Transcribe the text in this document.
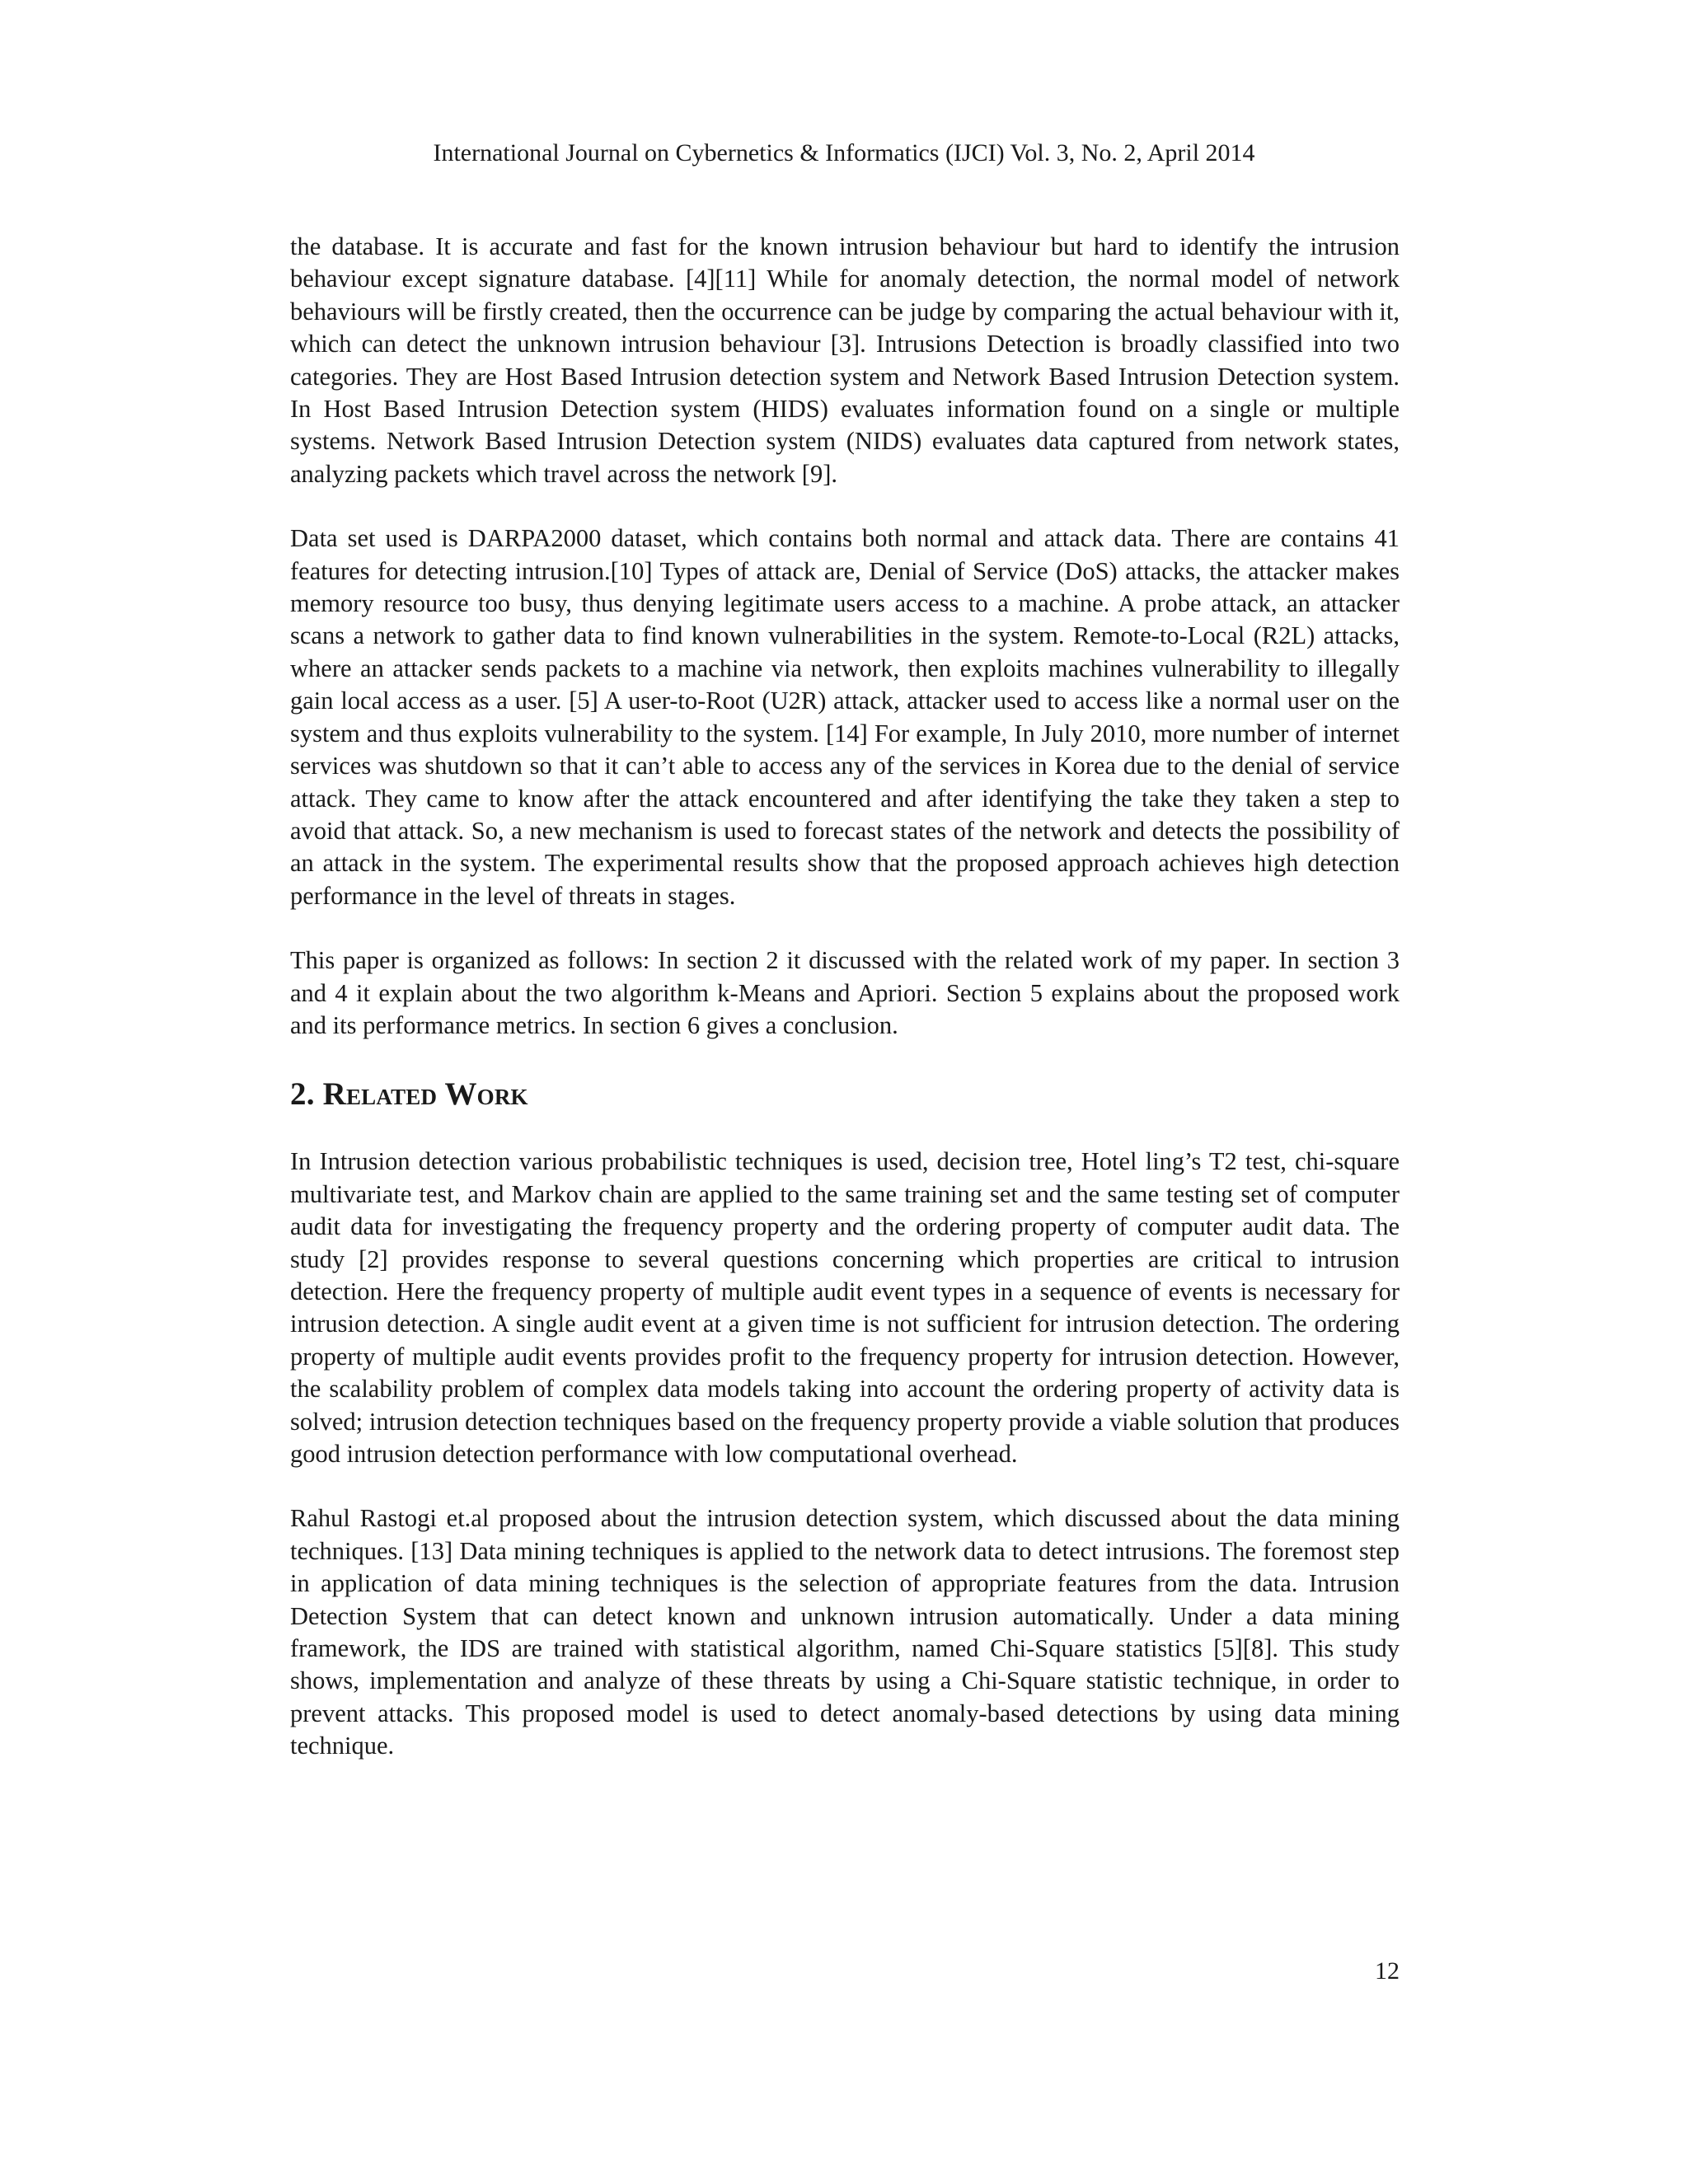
International Journal on Cybernetics & Informatics (IJCI) Vol. 3, No. 2, April 2014

the database. It is accurate and fast for the known intrusion behaviour but hard to identify the intrusion behaviour except signature database. [4][11] While for anomaly detection, the normal model of network behaviours will be firstly created, then the occurrence can be judge by comparing the actual behaviour with it, which can detect the unknown intrusion behaviour [3]. Intrusions Detection is broadly classified into two categories. They are Host Based Intrusion detection system and Network Based Intrusion Detection system. In Host Based Intrusion Detection system (HIDS) evaluates information found on a single or multiple systems. Network Based Intrusion Detection system (NIDS) evaluates data captured from network states, analyzing packets which travel across the network [9].

Data set used is DARPA2000 dataset, which contains both normal and attack data. There are contains 41 features for detecting intrusion.[10] Types of attack are, Denial of Service (DoS) attacks, the attacker makes memory resource too busy, thus denying legitimate users access to a machine. A probe attack, an attacker scans a network to gather data to find known vulnerabilities in the system. Remote-to-Local (R2L) attacks, where an attacker sends packets to a machine via network, then exploits machines vulnerability to illegally gain local access as a user. [5] A user-to-Root (U2R) attack, attacker used to access like a normal user on the system and thus exploits vulnerability to the system. [14] For example, In July 2010, more number of internet services was shutdown so that it can’t able to access any of the services in Korea due to the denial of service attack. They came to know after the attack encountered and after identifying the take they taken a step to avoid that attack. So, a new mechanism is used to forecast states of the network and detects the possibility of an attack in the system. The experimental results show that the proposed approach achieves high detection performance in the level of threats in stages.

This paper is organized as follows: In section 2 it discussed with the related work of my paper. In section 3 and 4 it explain about the two algorithm k-Means and Apriori. Section 5 explains about the proposed work and its performance metrics. In section 6 gives a conclusion.

2. Related Work

In Intrusion detection various probabilistic techniques is used, decision tree, Hotel ling’s T2 test, chi-square multivariate test, and Markov chain are applied to the same training set and the same testing set of computer audit data for investigating the frequency property and the ordering property of computer audit data. The study [2] provides response to several questions concerning which properties are critical to intrusion detection. Here the frequency property of multiple audit event types in a sequence of events is necessary for intrusion detection. A single audit event at a given time is not sufficient for intrusion detection. The ordering property of multiple audit events provides profit to the frequency property for intrusion detection. However, the scalability problem of complex data models taking into account the ordering property of activity data is solved; intrusion detection techniques based on the frequency property provide a viable solution that produces good intrusion detection performance with low computational overhead.

Rahul Rastogi et.al proposed about the intrusion detection system, which discussed about the data mining techniques. [13] Data mining techniques is applied to the network data to detect intrusions. The foremost step in application of data mining techniques is the selection of appropriate features from the data. Intrusion Detection System that can detect known and unknown intrusion automatically. Under a data mining framework, the IDS are trained with statistical algorithm, named Chi-Square statistics [5][8]. This study shows, implementation and analyze of these threats by using a Chi-Square statistic technique, in order to prevent attacks. This proposed model is used to detect anomaly-based detections by using data mining technique.

12
